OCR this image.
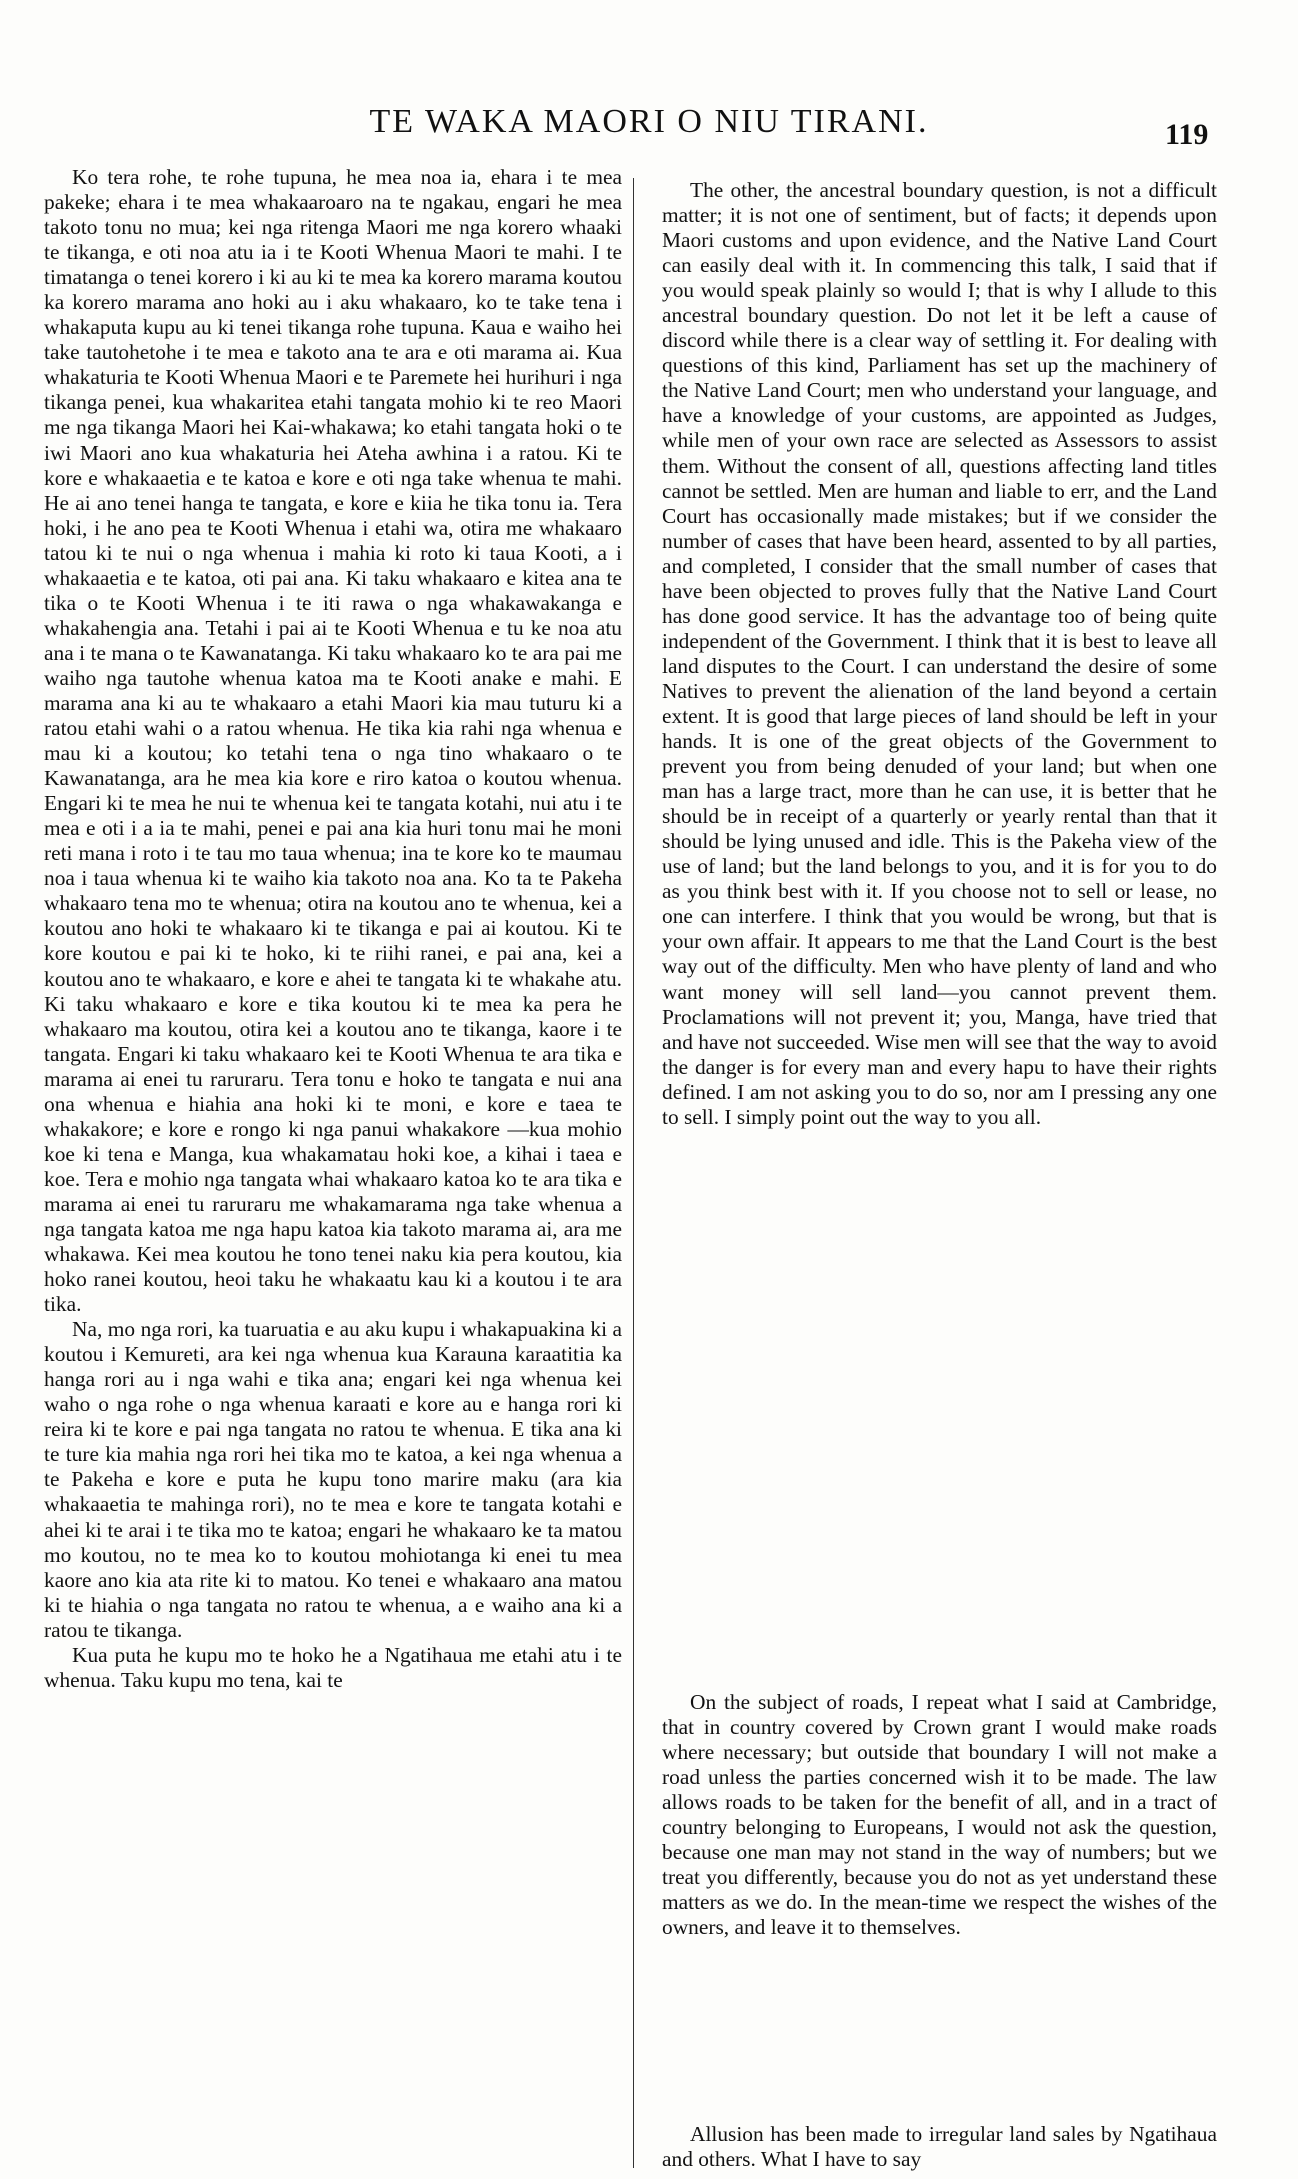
TE WAKA MAORI O NIU TIRANI.	119

Ko tera rohe, te rohe tupuna, he mea noa ia, ehara i te mea pakeke; ehara i te mea whakaaroaro na te ngakau, engari he mea takoto tonu no mua; kei nga ritenga Maori me nga korero whaaki te tikanga, e oti noa atu ia i te Kooti Whenua Maori te mahi. I te timatanga o tenei korero i ki au ki te mea ka korero marama koutou ka korero marama ano hoki au i aku whakaaro, ko te take tena i whakaputa kupu au ki tenei tikanga rohe tupuna. Kaua e waiho hei take tautohetohe i te mea e takoto ana te ara e oti marama ai. Kua whakaturia te Kooti Whenua Maori e te Paremete hei hurihuri i nga tikanga penei, kua whakaritea etahi tangata mohio ki te reo Maori me nga tikanga Maori hei Kai-whakawa; ko etahi tangata hoki o te iwi Maori ano kua whakaturia hei Ateha awhina i a ratou. Ki te kore e whakaaetia e te katoa e kore e oti nga take whenua te mahi. He ai ano tenei hanga te tangata, e kore e kiia he tika tonu ia. Tera hoki, i he ano pea te Kooti Whenua i etahi wa, otira me whakaaro tatou ki te nui o nga whenua i mahia ki roto ki taua Kooti, a i whakaaetia e te katoa, oti pai ana. Ki taku whakaaro e kitea ana te tika o te Kooti Whenua i te iti rawa o nga whakawakanga e whakahengia ana. Tetahi i pai ai te Kooti Whenua e tu ke noa atu ana i te mana o te Kawanatanga. Ki taku whakaaro ko te ara pai me waiho nga tautohe whenua katoa ma te Kooti anake e mahi. E marama ana ki au te whakaaro a etahi Maori kia mau tuturu ki a ratou etahi wahi o a ratou whenua. He tika kia rahi nga whenua e mau ki a koutou; ko tetahi tena o nga tino whakaaro o te Kawanatanga, ara he mea kia kore e riro katoa o koutou whenua. Engari ki te mea he nui te whenua kei te tangata kotahi, nui atu i te mea e oti i a ia te mahi, penei e pai ana kia huri tonu mai he moni reti mana i roto i te tau mo taua whenua; ina te kore ko te maumau noa i taua whenua ki te waiho kia takoto noa ana. Ko ta te Pakeha whakaaro tena mo te whenua; otira na koutou ano te whenua, kei a koutou ano hoki te whakaaro ki te tikanga e pai ai koutou. Ki te kore koutou e pai ki te hoko, ki te riihi ranei, e pai ana, kei a koutou ano te whakaaro, e kore e ahei te tangata ki te whakahe atu. Ki taku whakaaro e kore e tika koutou ki te mea ka pera he whakaaro ma koutou, otira kei a koutou ano te tikanga, kaore i te tangata. Engari ki taku whakaaro kei te Kooti Whenua te ara tika e marama ai enei tu raruraru. Tera tonu e hoko te tangata e nui ana ona whenua e hiahia ana hoki ki te moni, e kore e taea te whakakore; e kore e rongo ki nga panui whakakore —kua mohio koe ki tena e Manga, kua whakamatau hoki koe, a kihai i taea e koe. Tera e mohio nga tangata whai whakaaro katoa ko te ara tika e marama ai enei tu raruraru me whakamarama nga take whenua a nga tangata katoa me nga hapu katoa kia takoto marama ai, ara me whakawa. Kei mea koutou he tono tenei naku kia pera koutou, kia hoko ranei koutou, heoi taku he whakaatu kau ki a koutou i te ara tika.

Na, mo nga rori, ka tuaruatia e au aku kupu i whakapuakina ki a koutou i Kemureti, ara kei nga whenua kua Karauna karaatitia ka hanga rori au i nga wahi e tika ana; engari kei nga whenua kei waho o nga rohe o nga whenua karaati e kore au e hanga rori ki reira ki te kore e pai nga tangata no ratou te whenua. E tika ana ki te ture kia mahia nga rori hei tika mo te katoa, a kei nga whenua a te Pakeha e kore e puta he kupu tono marire maku (ara kia whakaaetia te mahinga rori), no te mea e kore te tangata kotahi e ahei ki te arai i te tika mo te katoa; engari he whakaaro ke ta matou mo koutou, no te mea ko to koutou mohiotanga ki enei tu mea kaore ano kia ata rite ki to matou. Ko tenei e whakaaro ana matou ki te hiahia o nga tangata no ratou te whenua, a e waiho ana ki a ratou te tikanga.

Kua puta he kupu mo te hoko he a Ngatihaua me etahi atu i te whenua. Taku kupu mo tena, kai te

The other, the ancestral boundary question, is not a difficult matter; it is not one of sentiment, but of facts; it depends upon Maori customs and upon evidence, and the Native Land Court can easily deal with it. In commencing this talk, I said that if you would speak plainly so would I; that is why I allude to this ancestral boundary question. Do not let it be left a cause of discord while there is a clear way of settling it. For dealing with questions of this kind, Parliament has set up the machinery of the Native Land Court; men who understand your language, and have a knowledge of your customs, are appointed as Judges, while men of your own race are selected as Assessors to assist them. Without the consent of all, questions affecting land titles cannot be settled. Men are human and liable to err, and the Land Court has occasionally made mistakes; but if we consider the number of cases that have been heard, assented to by all parties, and completed, I consider that the small number of cases that have been objected to proves fully that the Native Land Court has done good service. It has the advantage too of being quite independent of the Government. I think that it is best to leave all land disputes to the Court. I can understand the desire of some Natives to prevent the alienation of the land beyond a certain extent. It is good that large pieces of land should be left in your hands. It is one of the great objects of the Government to prevent you from being denuded of your land; but when one man has a large tract, more than he can use, it is better that he should be in receipt of a quarterly or yearly rental than that it should be lying unused and idle. This is the Pakeha view of the use of land; but the land belongs to you, and it is for you to do as you think best with it. If you choose not to sell or lease, no one can interfere. I think that you would be wrong, but that is your own affair. It appears to me that the Land Court is the best way out of the difficulty. Men who have plenty of land and who want money will sell land—you cannot prevent them. Proclamations will not prevent it; you, Manga, have tried that and have not succeeded. Wise men will see that the way to avoid the danger is for every man and every hapu to have their rights defined. I am not asking you to do so, nor am I pressing any one to sell. I simply point out the way to you all.

On the subject of roads, I repeat what I said at Cambridge, that in country covered by Crown grant I would make roads where necessary; but outside that boundary I will not make a road unless the parties concerned wish it to be made. The law allows roads to be taken for the benefit of all, and in a tract of country belonging to Europeans, I would not ask the question, because one man may not stand in the way of numbers; but we treat you differently, because you do not as yet understand these matters as we do. In the mean-time we respect the wishes of the owners, and leave it to themselves.

Allusion has been made to irregular land sales by Ngatihaua and others. What I have to say
